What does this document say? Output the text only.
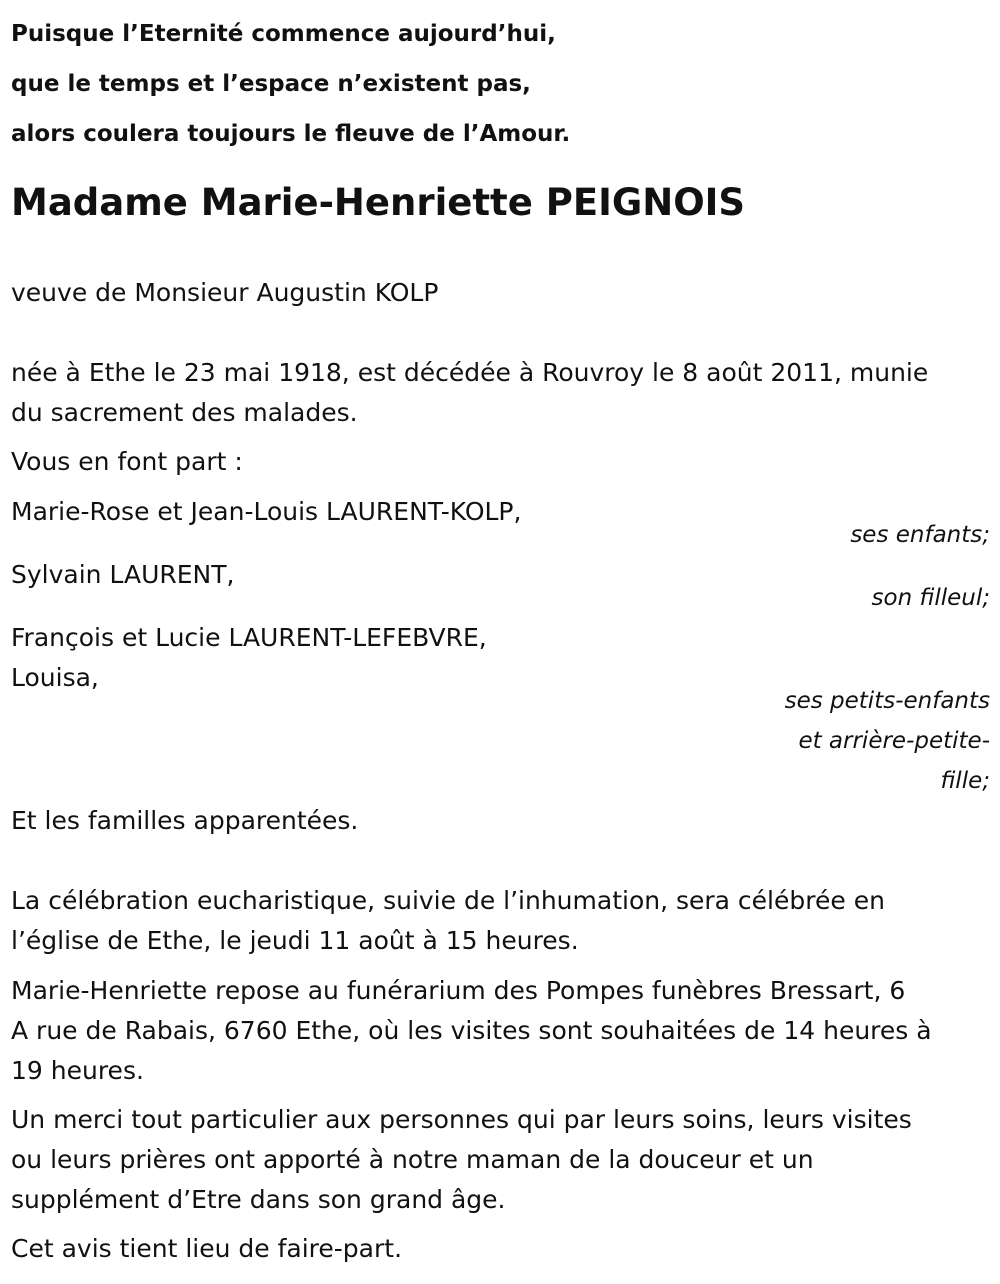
Puisque l’Eternité commence aujourd’hui,
que le temps et l’espace n’existent pas,
alors coulera toujours le fleuve de l’Amour.
Madame Marie-Henriette PEIGNOIS
veuve de Monsieur Augustin KOLP
née à Ethe le 23 mai 1918, est décédée à Rouvroy le 8 août 2011, munie
du sacrement des malades.
Vous en font part :
Marie-Rose et Jean-Louis LAURENT-KOLP,
ses enfants;
Sylvain LAURENT,
son filleul;
François et Lucie LAURENT-LEFEBVRE,
Louisa,
ses petits-enfants
et arrière-petite-
fille;
Et les familles apparentées.
La célébration eucharistique, suivie de l’inhumation, sera célébrée en
l’église de Ethe, le jeudi 11 août à 15 heures.
Marie-Henriette repose au funérarium des Pompes funèbres Bressart, 6
A rue de Rabais, 6760 Ethe, où les visites sont souhaitées de 14 heures à
19 heures.
Un merci tout particulier aux personnes qui par leurs soins, leurs visites
ou leurs prières ont apporté à notre maman de la douceur et un
supplément d’Etre dans son grand âge.
Cet avis tient lieu de faire-part.
